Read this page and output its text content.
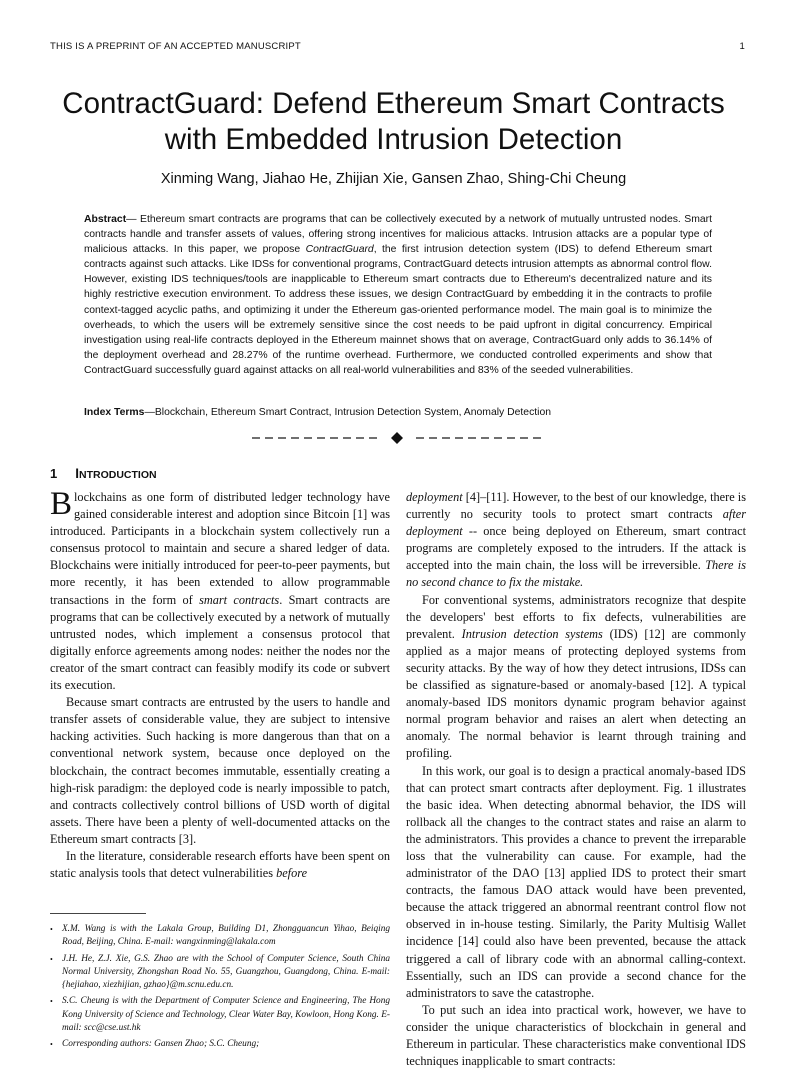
THIS IS A PREPRINT OF AN ACCEPTED MANUSCRIPT	1
ContractGuard: Defend Ethereum Smart Contracts with Embedded Intrusion Detection
Xinming Wang, Jiahao He, Zhijian Xie, Gansen Zhao, Shing-Chi Cheung

Abstract— Ethereum smart contracts are programs that can be collectively executed by a network of mutually untrusted nodes. Smart contracts handle and transfer assets of values, offering strong incentives for malicious attacks. Intrusion attacks are a popular type of malicious attacks. In this paper, we propose ContractGuard, the first intrusion detection system (IDS) to defend Ethereum smart contracts against such attacks. Like IDSs for conventional programs, ContractGuard detects intrusion attempts as abnormal control flow. However, existing IDS techniques/tools are inapplicable to Ethereum smart contracts due to Ethereum's decentralized nature and its highly restrictive execution environment. To address these issues, we design ContractGuard by embedding it in the contracts to profile context-tagged acyclic paths, and optimizing it under the Ethereum gas-oriented performance model. The main goal is to minimize the overheads, to which the users will be extremely sensitive since the cost needs to be paid upfront in digital concurrency. Empirical investigation using real-life contracts deployed in the Ethereum mainnet shows that on average, ContractGuard only adds to 36.14% of the deployment overhead and 28.27% of the runtime overhead. Furthermore, we conducted controlled experiments and show that ContractGuard successfully guard against attacks on all real-world vulnerabilities and 83% of the seeded vulnerabilities.

Index Terms—Blockchain, Ethereum Smart Contract, Intrusion Detection System, Anomaly Detection
1 INTRODUCTION

Blockchains as one form of distributed ledger technology have gained considerable interest and adoption since Bitcoin [1] was introduced. Participants in a blockchain system collectively run a consensus protocol to maintain and secure a shared ledger of data. Blockchains were initially introduced for peer-to-peer payments, but more recently, it has been extended to allow programmable transactions in the form of smart contracts. Smart contracts are programs that can be collectively executed by a network of mutually untrusted nodes, which implement a consensus protocol that digitally enforce agreements among nodes: neither the nodes nor the creator of the smart contract can feasibly modify its code or subvert its execution.

Because smart contracts are entrusted by the users to handle and transfer assets of considerable value, they are subject to intensive hacking activities. Such hacking is more dangerous than that on a conventional network system, because once deployed on the blockchain, the contract becomes immutable, essentially creating a high-risk paradigm: the deployed code is nearly impossible to patch, and contracts collectively control billions of USD worth of digital assets. There have been a plenty of well-documented attacks on the Ethereum smart contracts [3].

In the literature, considerable research efforts have been spent on static analysis tools that detect vulnerabilities before

deployment [4]–[11]. However, to the best of our knowledge, there is currently no security tools to protect smart contracts after deployment -- once being deployed on Ethereum, smart contract programs are completely exposed to the intruders. If the attack is accepted into the main chain, the loss will be irreversible. There is no second chance to fix the mistake.

For conventional systems, administrators recognize that despite the developers' best efforts to fix defects, vulnerabilities are prevalent. Intrusion detection systems (IDS) [12] are commonly applied as a major means of protecting deployed systems from security attacks. By the way of how they detect intrusions, IDSs can be classified as signature-based or anomaly-based [12]. A typical anomaly-based IDS monitors dynamic program behavior against normal program behavior and raises an alert when detecting an anomaly. The normal behavior is learnt through training and profiling.

In this work, our goal is to design a practical anomaly-based IDS that can protect smart contracts after deployment. Fig. 1 illustrates the basic idea. When detecting abnormal behavior, the IDS will rollback all the changes to the contract states and raise an alarm to the administrators. This provides a chance to prevent the irreparable loss that the vulnerability can cause. For example, had the administrator of the DAO [13] applied IDS to protect their smart contracts, the famous DAO attack would have been prevented, because the attack triggered an abnormal reentrant control flow not observed in in-house testing. Similarly, the Parity Multisig Wallet incidence [14] could also have been prevented, because the attack triggered a call of library code with an abnormal calling-context. Essentially, such an IDS can provide a second chance for the administrators to save the catastrophe.

To put such an idea into practical work, however, we have to consider the unique characteristics of blockchain in general and Ethereum in particular. These characteristics make conventional IDS techniques inapplicable to smart contracts:

• X.M. Wang is with the Lakala Group, Building D1, Zhongguancun Yihao, Beiqing Road, Beijing, China. E-mail: wangxinming@lakala.com
• J.H. He, Z.J. Xie, G.S. Zhao are with the School of Computer Science, South China Normal University, Zhongshan Road No. 55, Guangzhou, Guangdong, China. E-mail:{hejiahao, xiezhijian, gzhao}@m.scnu.edu.cn.
• S.C. Cheung is with the Department of Computer Science and Engineering, The Hong Kong University of Science and Technology, Clear Water Bay, Kowloon, Hong Kong. E-mail: scc@cse.ust.hk
• Corresponding authors: Gansen Zhao; S.C. Cheung;
